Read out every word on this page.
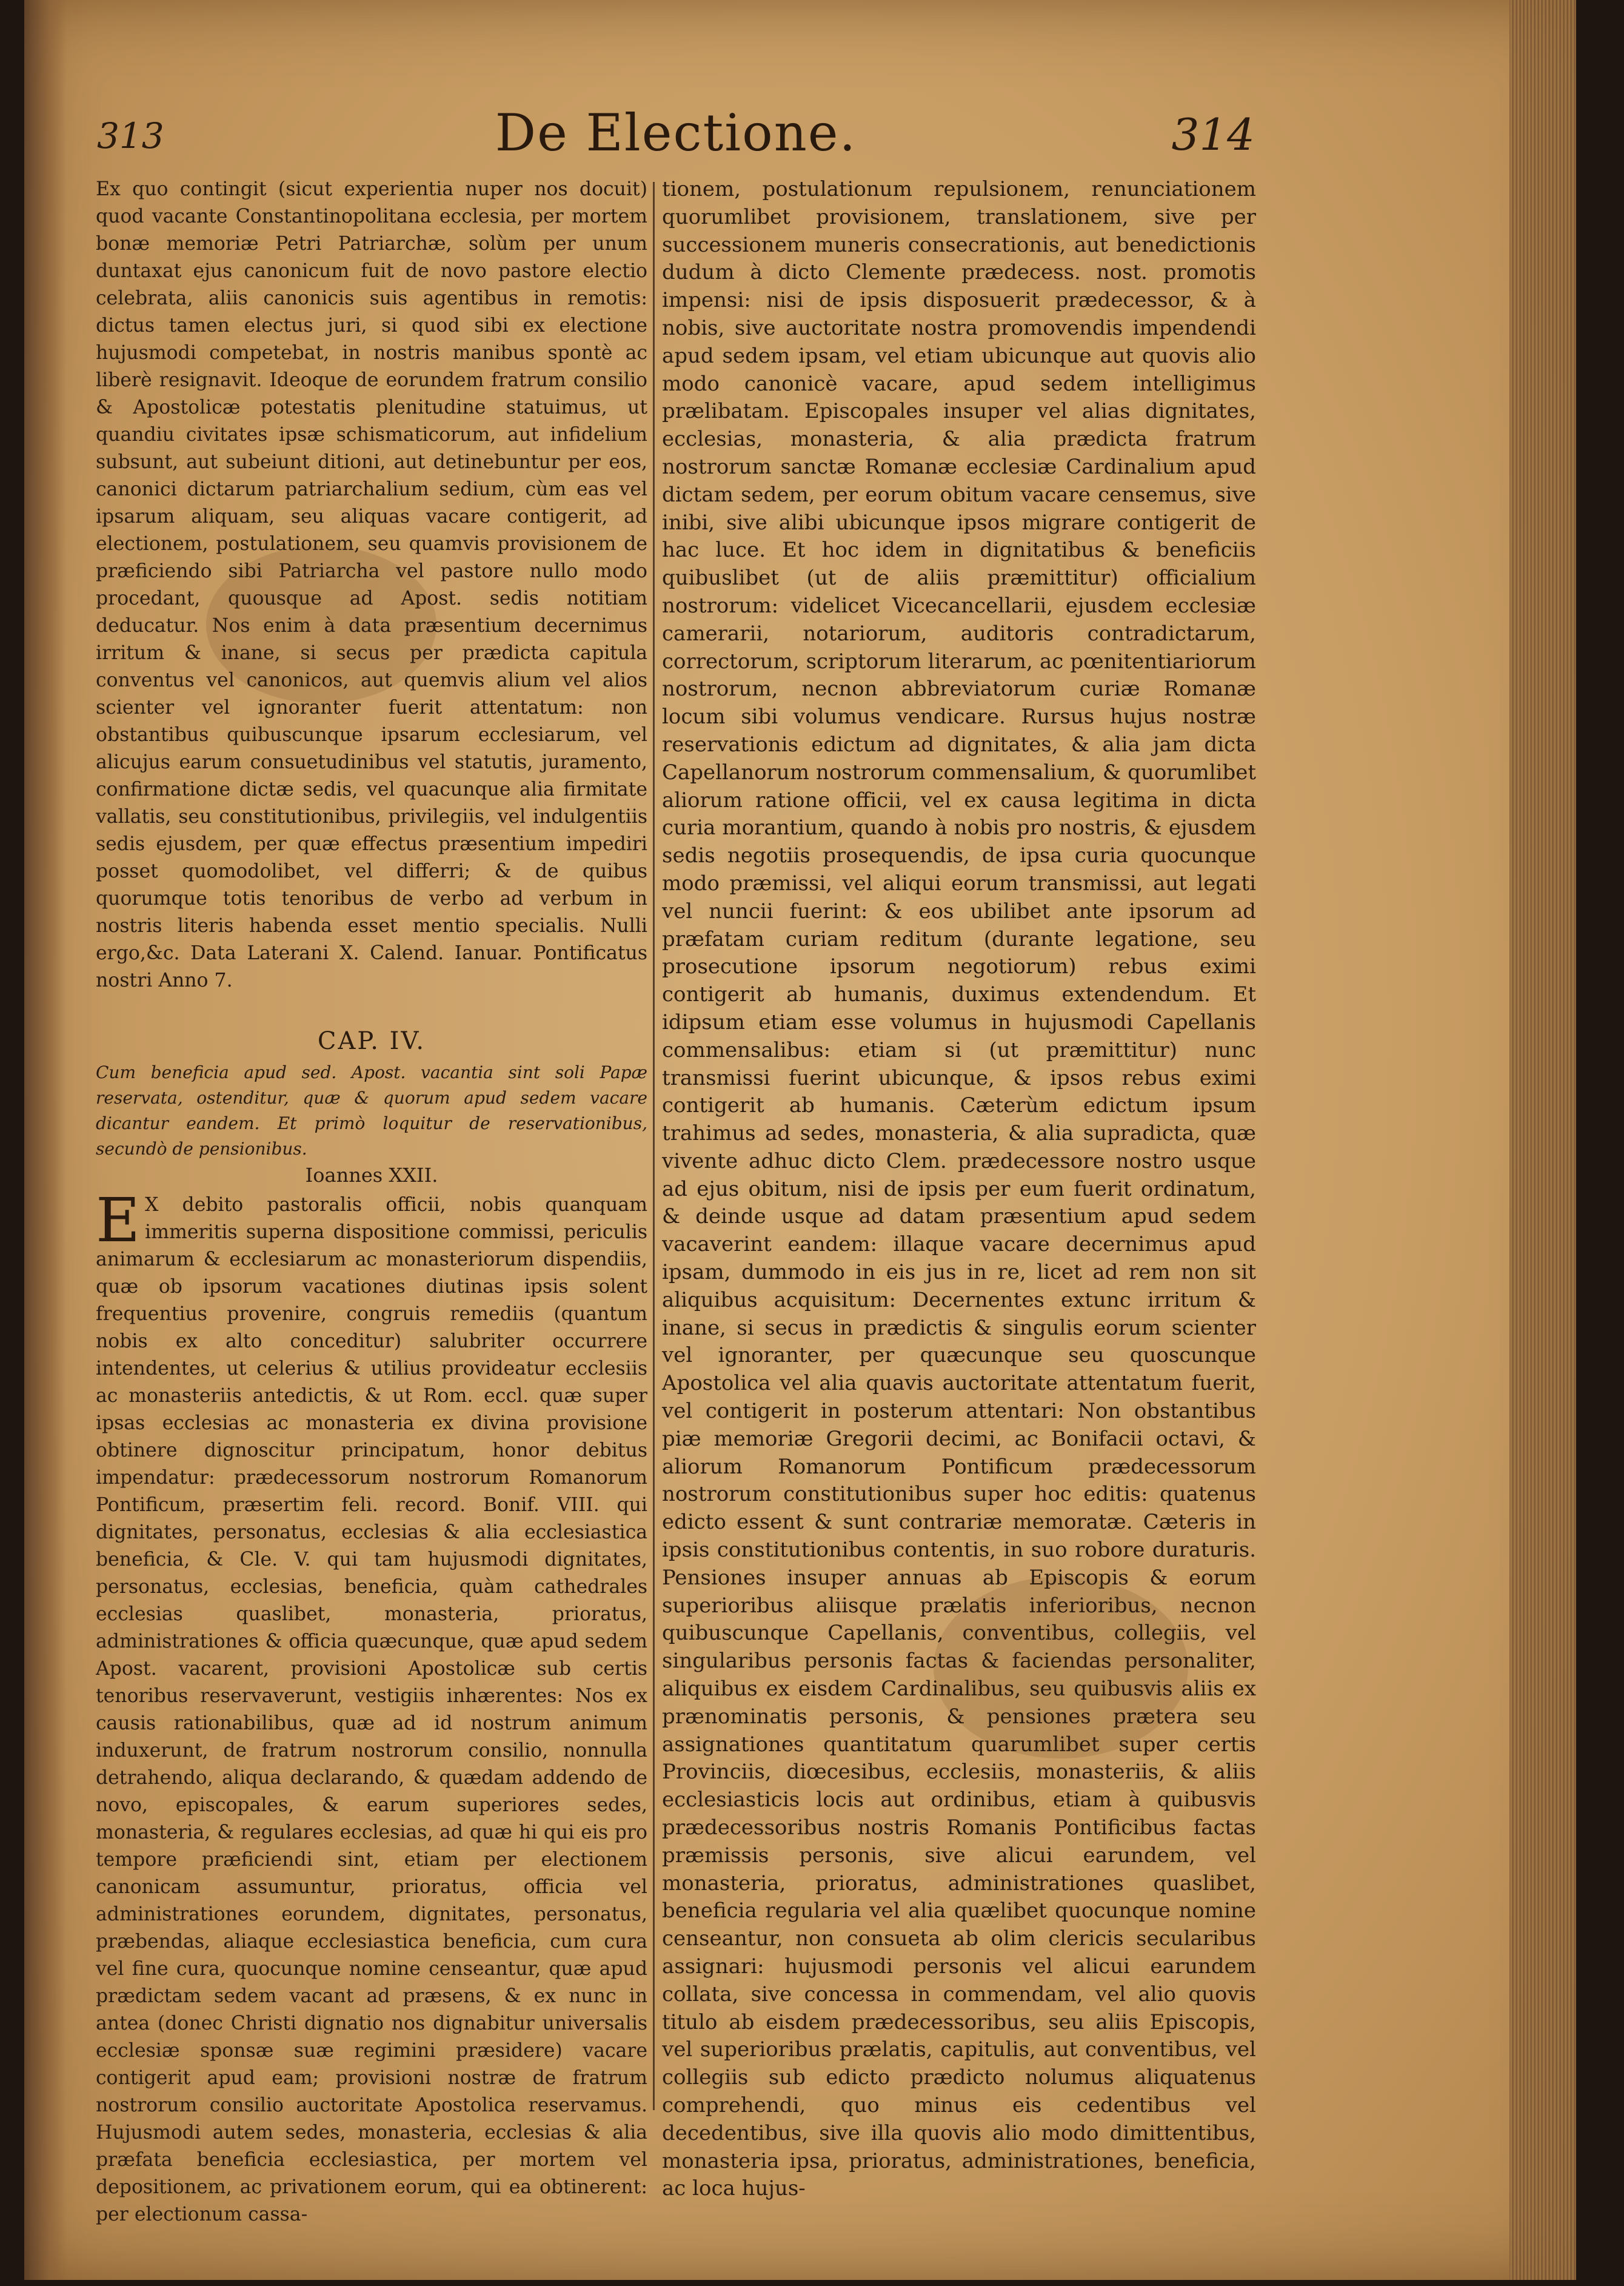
313	De Electione.	314

Ex quo contingit (sicut experientia nuper nos docuit) quod vacante Constantinopolitana ecclesia, per mortem bonæ memoriæ Petri Patriarchæ, solùm per unum duntaxat ejus canonicum fuit de novo pastore electio celebrata, aliis canonicis suis agentibus in remotis: dictus tamen electus juri, si quod sibi ex electione hujusmodi competebat, in nostris manibus spontè ac liberè resignavit. Ideoque de eorundem fratrum consilio & Apostolicæ potestatis plenitudine statuimus, ut quandiu civitates ipsæ schismaticorum, aut infidelium subsunt, aut subeiunt ditioni, aut detinebuntur per eos, canonici dictarum patriarchalium sedium, cùm eas vel ipsarum aliquam, seu aliquas vacare contigerit, ad electionem, postulationem, seu quamvis provisionem de præficiendo sibi Patriarcha vel pastore nullo modo procedant, quousque ad Apost. sedis notitiam deducatur. Nos enim à data præsentium decernimus irritum & inane, si secus per prædicta capitula conventus vel canonicos, aut quemvis alium vel alios scienter vel ignoranter fuerit attentatum: non obstantibus quibuscunque ipsarum ecclesiarum, vel alicujus earum consuetudinibus vel statutis, juramento, confirmatione dictæ sedis, vel quacunque alia firmitate vallatis, seu constitutionibus, privilegiis, vel indulgentiis sedis ejusdem, per quæ effectus præsentium impediri posset quomodolibet, vel differri; & de quibus quorumque totis tenoribus de verbo ad verbum in nostris literis habenda esset mentio specialis. Nulli ergo,&c. Data Laterani X. Calend. Ianuar. Pontificatus nostri Anno 7.

CAP. IV.

Cum beneficia apud sed. Apost. vacantia sint soli Papæ reservata, ostenditur, quæ & quorum apud sedem vacare dicantur eandem. Et primò loquitur de reservationibus, secundò de pensionibus.

Ioannes XXII.

E X debito pastoralis officii, nobis quanquam immeritis superna dispositione commissi, periculis animarum & ecclesiarum ac monasteriorum dispendiis, quæ ob ipsorum vacationes diutinas ipsis solent frequentius provenire, congruis remediis (quantum nobis ex alto conceditur) salubriter occurrere intendentes, ut celerius & utilius provideatur ecclesiis ac monasteriis antedictis, & ut Rom. eccl. quæ super ipsas ecclesias ac monasteria ex divina provisione obtinere dignoscitur principatum, honor debitus impendatur: prædecessorum nostrorum Romanorum Pontificum, præsertim feli. record. Bonif. VIII. qui dignitates, personatus, ecclesias & alia ecclesiastica beneficia, & Cle. V. qui tam hujusmodi dignitates, personatus, ecclesias, beneficia, quàm cathedrales ecclesias quaslibet, monasteria, prioratus, administrationes & officia quæcunque, quæ apud sedem Apost. vacarent, provisioni Apostolicæ sub certis tenoribus reservaverunt, vestigiis inhærentes: Nos ex causis rationabilibus, quæ ad id nostrum animum induxerunt, de fratrum nostrorum consilio, nonnulla detrahendo, aliqua declarando, & quædam addendo de novo, episcopales, & earum superiores sedes, monasteria, & regulares ecclesias, ad quæ hi qui eis pro tempore præficiendi sint, etiam per electionem canonicam assumuntur, prioratus, officia vel administrationes eorundem, dignitates, personatus, præbendas, aliaque ecclesiastica beneficia, cum cura vel fine cura, quocunque nomine censeantur, quæ apud prædictam sedem vacant ad præsens, & ex nunc in antea (donec Christi dignatio nos dignabitur universalis ecclesiæ sponsæ suæ regimini præsidere) vacare contigerit apud eam; provisioni nostræ de fratrum nostrorum consilio auctoritate Apostolica reservamus. Hujusmodi autem sedes, monasteria, ecclesias & alia præfata beneficia ecclesiastica, per mortem vel depositionem, ac privationem eorum, qui ea obtinerent: per electionum cassa-

tionem, postulationum repulsionem, renunciationem quorumlibet provisionem, translationem, sive per successionem muneris consecrationis, aut benedictionis dudum à dicto Clemente prædecess. nost. promotis impensi: nisi de ipsis disposuerit prædecessor, & à nobis, sive auctoritate nostra promovendis impendendi apud sedem ipsam, vel etiam ubicunque aut quovis alio modo canonicè vacare, apud sedem intelligimus prælibatam. Episcopales insuper vel alias dignitates, ecclesias, monasteria, & alia prædicta fratrum nostrorum sanctæ Romanæ ecclesiæ Cardinalium apud dictam sedem, per eorum obitum vacare censemus, sive inibi, sive alibi ubicunque ipsos migrare contigerit de hac luce. Et hoc idem in dignitatibus & beneficiis quibuslibet (ut de aliis præmittitur) officialium nostrorum: videlicet Vicecancellarii, ejusdem ecclesiæ camerarii, notariorum, auditoris contradictarum, correctorum, scriptorum literarum, ac pœnitentiariorum nostrorum, necnon abbreviatorum curiæ Romanæ locum sibi volumus vendicare. Rursus hujus nostræ reservationis edictum ad dignitates, & alia jam dicta Capellanorum nostrorum commensalium, & quorumlibet aliorum ratione officii, vel ex causa legitima in dicta curia morantium, quando à nobis pro nostris, & ejusdem sedis negotiis prosequendis, de ipsa curia quocunque modo præmissi, vel aliqui eorum transmissi, aut legati vel nuncii fuerint: & eos ubilibet ante ipsorum ad præfatam curiam reditum (durante legatione, seu prosecutione ipsorum negotiorum) rebus eximi contigerit ab humanis, duximus extendendum. Et idipsum etiam esse volumus in hujusmodi Capellanis commensalibus: etiam si (ut præmittitur) nunc transmissi fuerint ubicunque, & ipsos rebus eximi contigerit ab humanis. Cæterùm edictum ipsum trahimus ad sedes, monasteria, & alia supradicta, quæ vivente adhuc dicto Clem. prædecessore nostro usque ad ejus obitum, nisi de ipsis per eum fuerit ordinatum, & deinde usque ad datam præsentium apud sedem vacaverint eandem: illaque vacare decernimus apud ipsam, dummodo in eis jus in re, licet ad rem non sit aliquibus acquisitum: Decernentes extunc irritum & inane, si secus in prædictis & singulis eorum scienter vel ignoranter, per quæcunque seu quoscunque Apostolica vel alia quavis auctoritate attentatum fuerit, vel contigerit in posterum attentari: Non obstantibus piæ memoriæ Gregorii decimi, ac Bonifacii octavi, & aliorum Romanorum Pontificum prædecessorum nostrorum constitutionibus super hoc editis: quatenus edicto essent & sunt contrariæ memoratæ. Cæteris in ipsis constitutionibus contentis, in suo robore duraturis. Pensiones insuper annuas ab Episcopis & eorum superioribus aliisque prælatis inferioribus, necnon quibuscunque Capellanis, conventibus, collegiis, vel singularibus personis factas & faciendas personaliter, aliquibus ex eisdem Cardinalibus, seu quibusvis aliis ex prænominatis personis, & pensiones prætera seu assignationes quantitatum quarumlibet super certis Provinciis, diœcesibus, ecclesiis, monasteriis, & aliis ecclesiasticis locis aut ordinibus, etiam à quibusvis prædecessoribus nostris Romanis Pontificibus factas præmissis personis, sive alicui earundem, vel monasteria, prioratus, administrationes quaslibet, beneficia regularia vel alia quælibet quocunque nomine censeantur, non consueta ab olim clericis secularibus assignari: hujusmodi personis vel alicui earundem collata, sive concessa in commendam, vel alio quovis titulo ab eisdem prædecessoribus, seu aliis Episcopis, vel superioribus prælatis, capitulis, aut conventibus, vel collegiis sub edicto prædicto nolumus aliquatenus comprehendi, quo minus eis cedentibus vel decedentibus, sive illa quovis alio modo dimittentibus, monasteria ipsa, prioratus, administrationes, beneficia, ac loca hujus-
